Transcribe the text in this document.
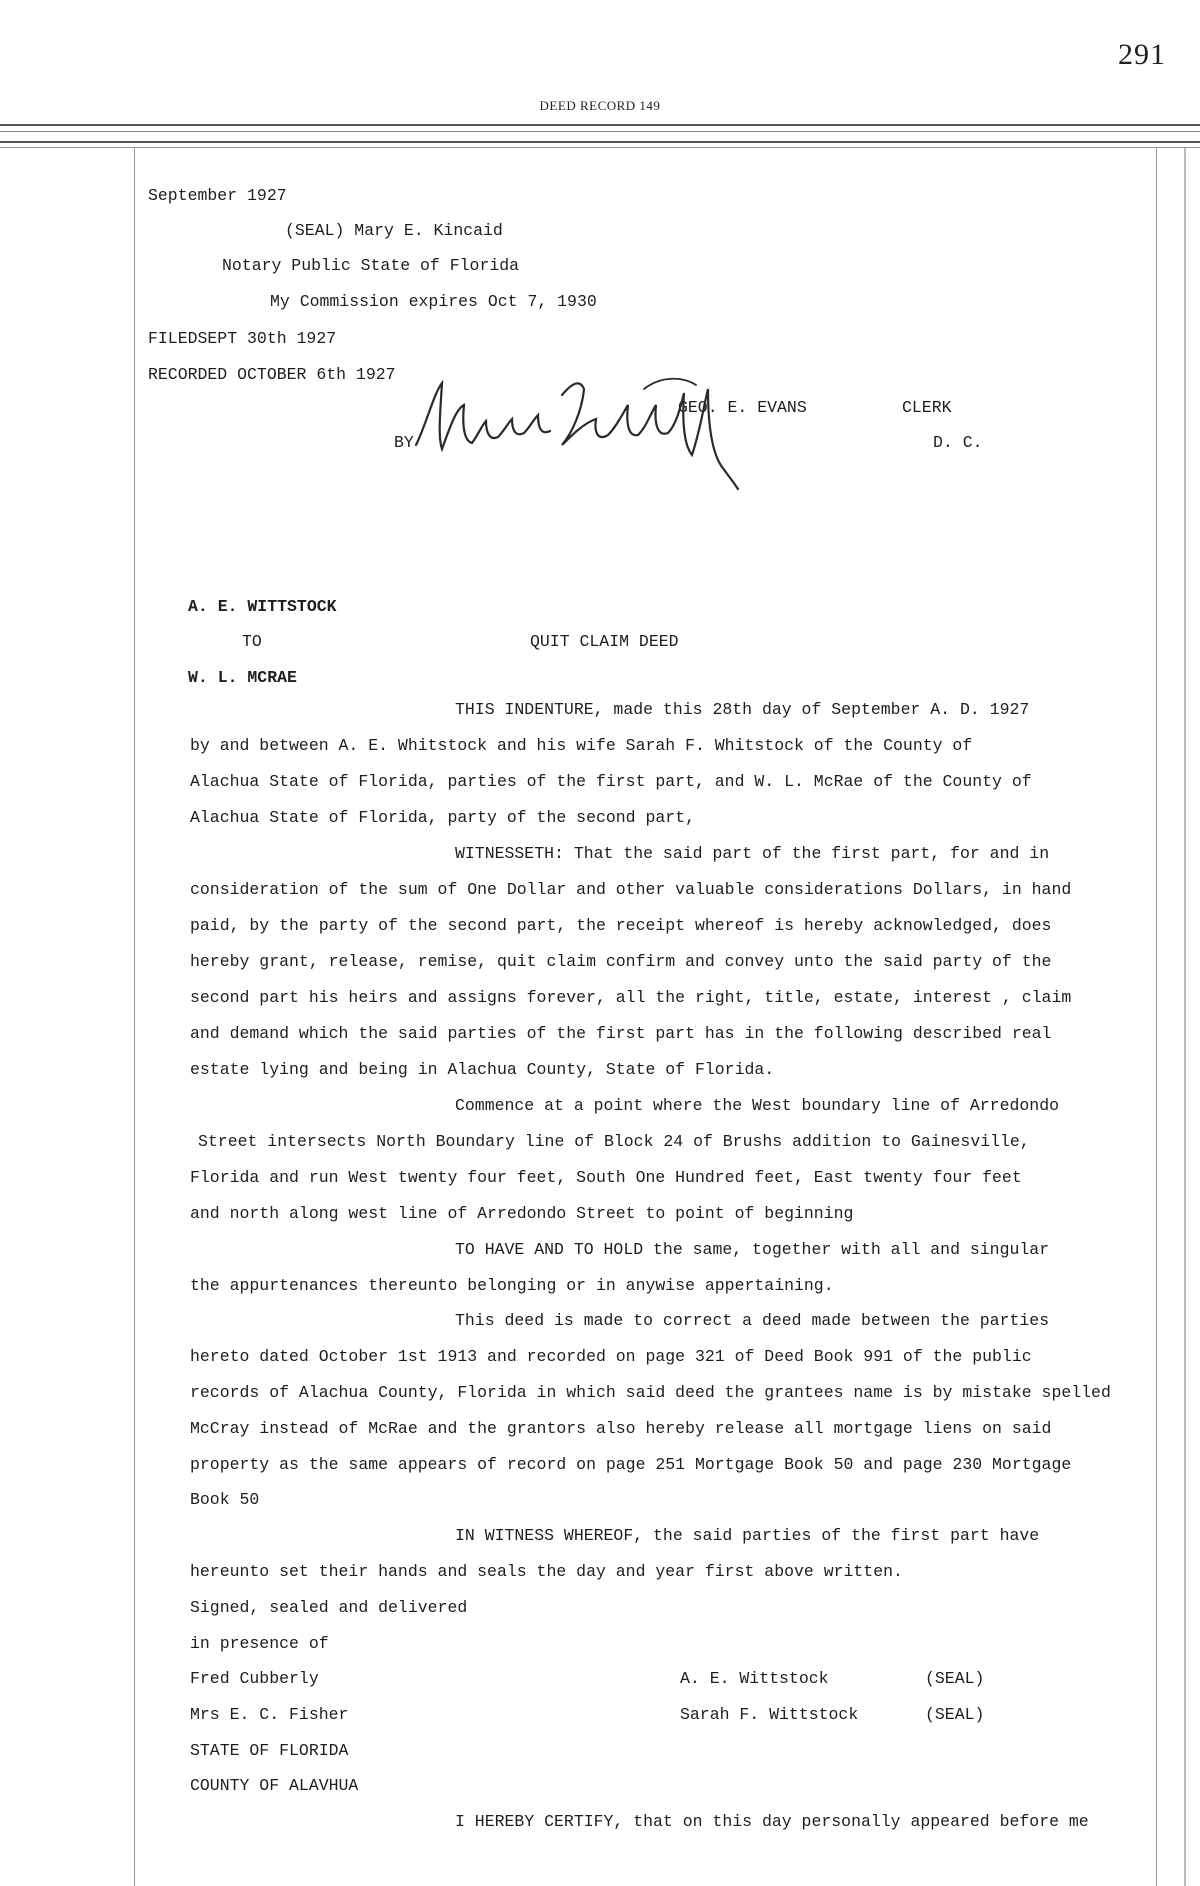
291
DEED RECORD 149
September 1927
(SEAL) Mary E. Kincaid
Notary Public State of Florida
My Commission expires Oct 7, 1930
FILEDSEPT 30th 1927
RECORDED OCTOBER 6th 1927
GEO. E. EVANS	CLERK
BY	D. C.
A. E. WITTSTOCK
TO	QUIT CLAIM DEED
W. L. MCRAE
THIS INDENTURE, made this 28th day of September A. D. 1927
by and between A. E. Whitstock and his wife Sarah F. Whitstock of the County of
Alachua State of Florida, parties of the first part, and W. L. McRae of the County of
Alachua State of Florida, party of the second part,
WITNESSETH: That the said part of the first part, for and in
consideration of the sum of One Dollar and other valuable considerations Dollars, in hand
paid, by the party of the second part, the receipt whereof is hereby acknowledged, does
hereby grant, release, remise, quit claim confirm and convey unto the said party of the
second part his heirs and assigns forever, all the right, title, estate, interest , claim
and demand which the said parties of the first part has in the following described real
estate lying and being in Alachua County, State of Florida.
Commence at a point where the West boundary line of Arredondo
Street intersects North Boundary line of Block 24 of Brushs addition to Gainesville,
Florida and run West twenty four feet, South One Hundred feet, East twenty four feet
and north along west line of Arredondo Street to point of beginning
TO HAVE AND TO HOLD the same, together with all and singular
the appurtenances thereunto belonging or in anywise appertaining.
This deed is made to correct a deed made between the parties
hereto dated October 1st 1913 and recorded on page 321 of Deed Book 991 of the public
records of Alachua County, Florida in which said deed the grantees name is by mistake spelled
McCray instead of McRae and the grantors also hereby release all mortgage liens on said
property as the same appears of record on page 251 Mortgage Book 50 and page 230 Mortgage
Book 50
IN WITNESS WHEREOF, the said parties of the first part have
hereunto set their hands and seals the day and year first above written.
Signed, sealed and delivered
in presence of
Fred Cubberly	A. E. Wittstock	(SEAL)
Mrs E. C. Fisher	Sarah F. Wittstock	(SEAL)
STATE OF FLORIDA
COUNTY OF ALAVHUA
I HEREBY CERTIFY, that on this day personally appeared before me
